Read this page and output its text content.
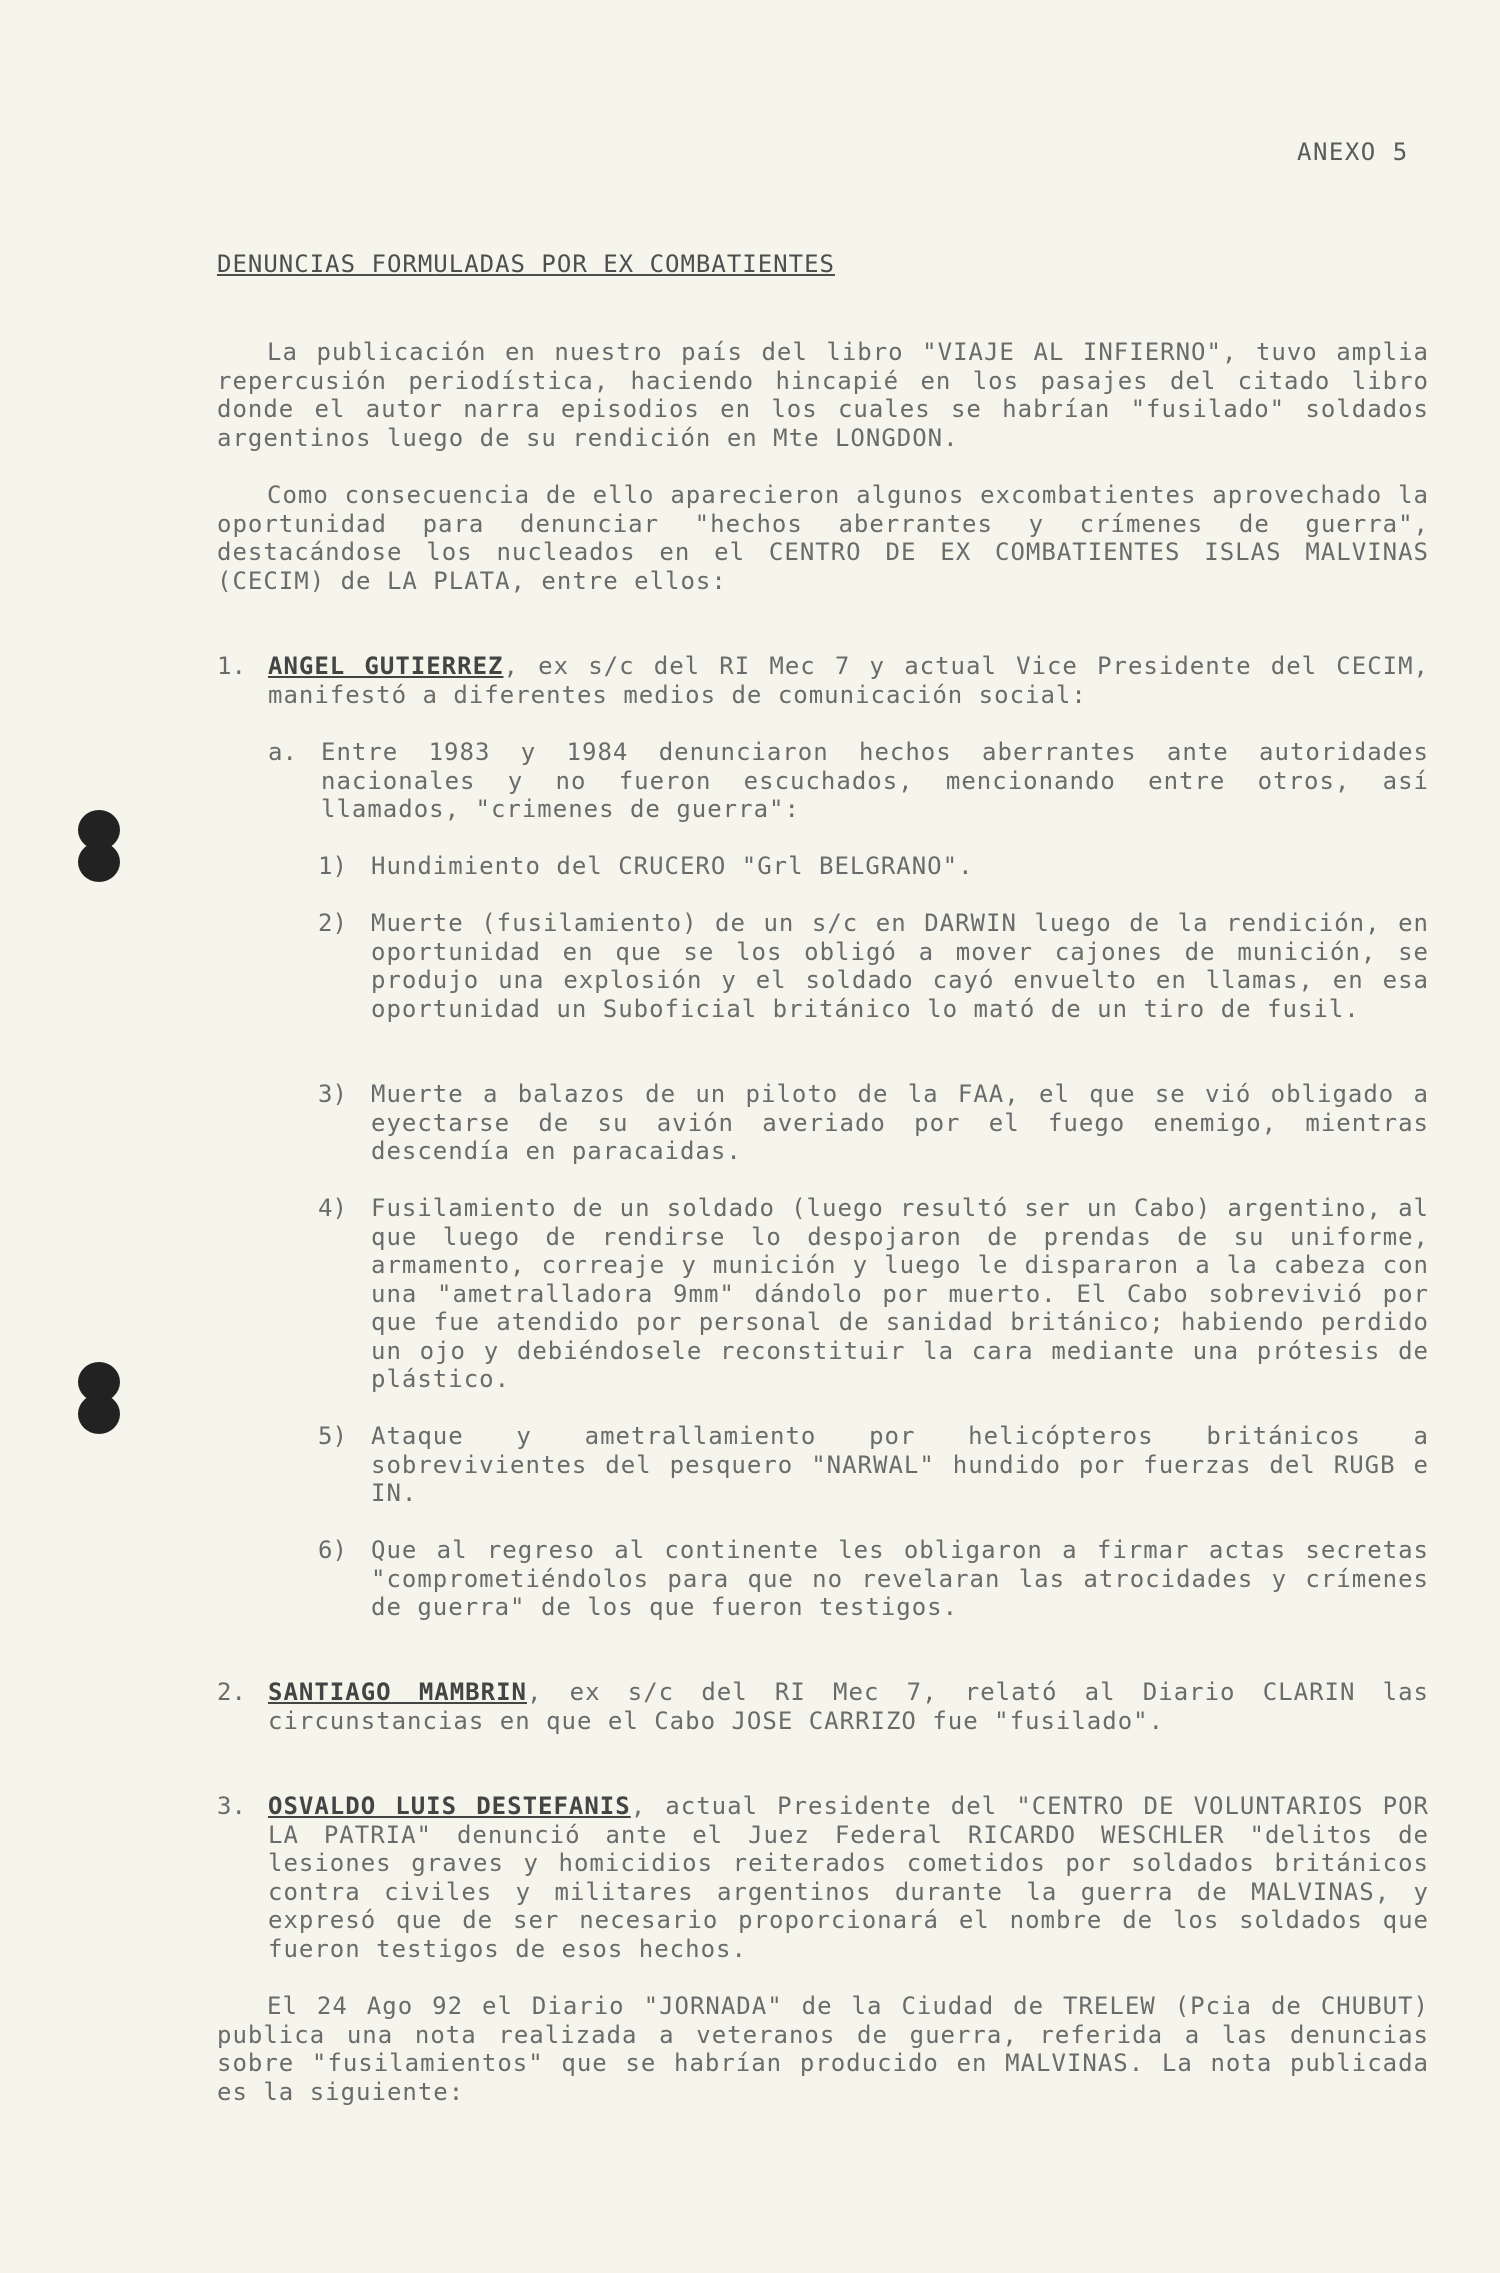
ANEXO 5
DENUNCIAS FORMULADAS POR EX COMBATIENTES

La publicación en nuestro país del libro "VIAJE AL INFIERNO", tuvo amplia repercusión periodística, haciendo hincapié en los pasajes del citado libro donde el autor narra episodios en los cuales se habrían "fusilado" soldados argentinos luego de su rendición en Mte LONGDON.

Como consecuencia de ello aparecieron algunos excombatientes aprovechado la oportunidad para denunciar "hechos aberrantes y crímenes de guerra", destacándose los nucleados en el CENTRO DE EX COMBATIENTES ISLAS MALVINAS (CECIM) de LA PLATA, entre ellos:

1. ANGEL GUTIERREZ, ex s/c del RI Mec 7 y actual Vice Presidente del CECIM, manifestó a diferentes medios de comunicación social:

a. Entre 1983 y 1984 denunciaron hechos aberrantes ante autoridades nacionales y no fueron escuchados, mencionando entre otros, así llamados, "crimenes de guerra":

1) Hundimiento del CRUCERO "Grl BELGRANO".

2) Muerte (fusilamiento) de un s/c en DARWIN luego de la rendición, en oportunidad en que se los obligó a mover cajones de munición, se produjo una explosión y el soldado cayó envuelto en llamas, en esa oportunidad un Suboficial británico lo mató de un tiro de fusil.

3) Muerte a balazos de un piloto de la FAA, el que se vió obligado a eyectarse de su avión averiado por el fuego enemigo, mientras descendía en paracaidas.

4) Fusilamiento de un soldado (luego resultó ser un Cabo) argentino, al que luego de rendirse lo despojaron de prendas de su uniforme, armamento, correaje y munición y luego le dispararon a la cabeza con una "ametralladora 9mm" dándolo por muerto. El Cabo sobrevivió por que fue atendido por personal de sanidad británico; habiendo perdido un ojo y debiéndosele reconstituir la cara mediante una prótesis de plástico.

5) Ataque y ametrallamiento por helicópteros británicos a sobrevivientes del pesquero "NARWAL" hundido por fuerzas del RUGB e IN.

6) Que al regreso al continente les obligaron a firmar actas secretas "comprometiéndolos para que no revelaran las atrocidades y crímenes de guerra" de los que fueron testigos.

2. SANTIAGO MAMBRIN, ex s/c del RI Mec 7, relató al Diario CLARIN las circunstancias en que el Cabo JOSE CARRIZO fue "fusilado".

3. OSVALDO LUIS DESTEFANIS, actual Presidente del "CENTRO DE VOLUNTARIOS POR LA PATRIA" denunció ante el Juez Federal RICARDO WESCHLER "delitos de lesiones graves y homicidios reiterados cometidos por soldados británicos contra civiles y militares argentinos durante la guerra de MALVINAS, y expresó que de ser necesario proporcionará el nombre de los soldados que fueron testigos de esos hechos.

El 24 Ago 92 el Diario "JORNADA" de la Ciudad de TRELEW (Pcia de CHUBUT) publica una nota realizada a veteranos de guerra, referida a las denuncias sobre "fusilamientos" que se habrían producido en MALVINAS. La nota publicada es la siguiente:
